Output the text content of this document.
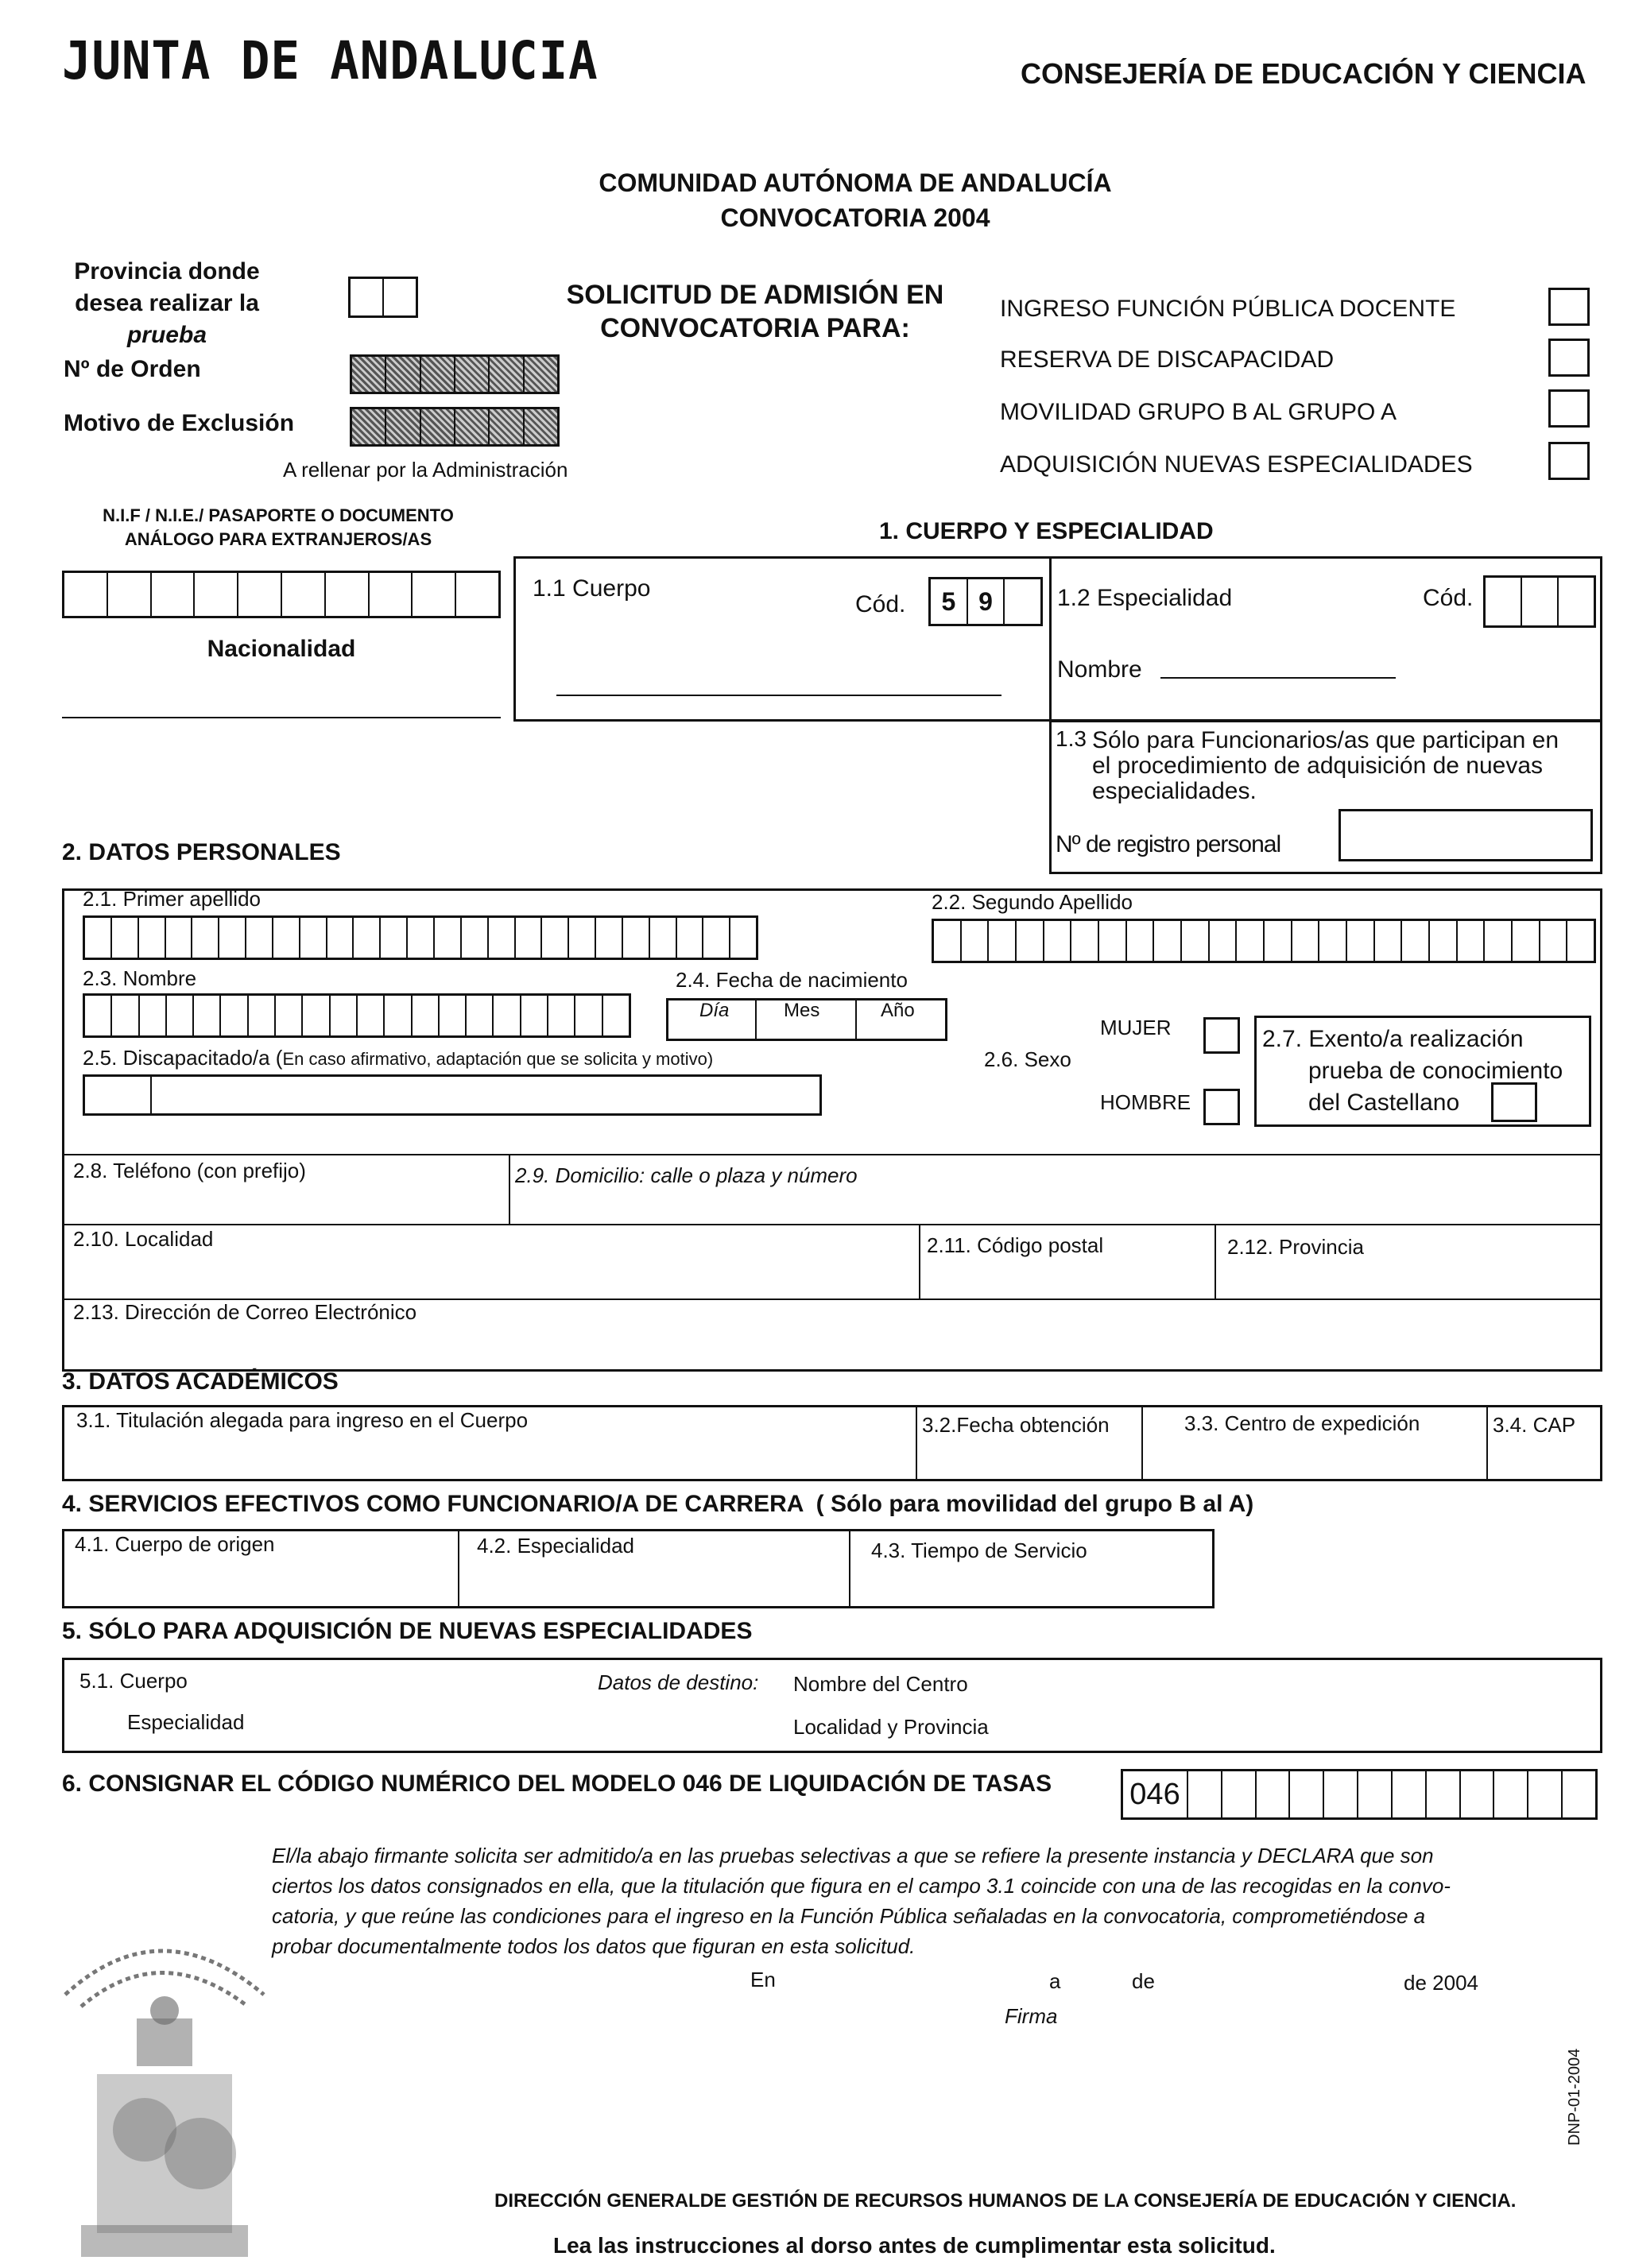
JUNTA DE ANDALUCIA	CONSEJERÍA DE EDUCACIÓN Y CIENCIA
COMUNIDAD AUTÓNOMA DE ANDALUCÍA
CONVOCATORIA 2004
Provincia donde
desea realizar la
prueba
Nº de Orden
Motivo de Exclusión
A rellenar por la Administración
SOLICITUD DE ADMISIÓN EN
CONVOCATORIA PARA:
INGRESO FUNCIÓN PÚBLICA DOCENTE
RESERVA DE DISCAPACIDAD
MOVILIDAD GRUPO B AL GRUPO A
ADQUISICIÓN NUEVAS ESPECIALIDADES
N.I.F / N.I.E./ PASAPORTE O DOCUMENTO
ANÁLOGO PARA EXTRANJEROS/AS
Nacionalidad
1. CUERPO Y ESPECIALIDAD
1.1 Cuerpo
Cód.	5 9	1.2 Especialidad	Cód.
Nombre
1.3 Sólo para Funcionarios/as que participan en
el procedimiento de adquisición de nuevas
especialidades.
Nº de registro personal
2. DATOS PERSONALES
2.1. Primer apellido	2.2. Segundo Apellido
2.3. Nombre	2.4. Fecha de nacimiento
Día	Mes	Año
2.5. Discapacitado/a (En caso afirmativo, adaptación que se solicita y motivo)
MUJER
2.6. Sexo
HOMBRE
2.7. Exento/a realización
prueba de conocimiento
del Castellano
2.8. Teléfono (con prefijo)	2.9. Domicilio: calle o plaza y número
2.10. Localidad	2.11. Código postal	2.12. Provincia
2.13. Dirección de Correo Electrónico
3. DATOS ACADÉMICOS
3.1. Titulación alegada para ingreso en el Cuerpo	3.2.Fecha obtención	3.3. Centro de expedición	3.4. CAP
4. SERVICIOS EFECTIVOS COMO FUNCIONARIO/A DE CARRERA ( Sólo para movilidad del grupo B al A)
4.1. Cuerpo de origen	4.2. Especialidad	4.3. Tiempo de Servicio
5. SÓLO PARA ADQUISICIÓN DE NUEVAS ESPECIALIDADES
5.1. Cuerpo	Datos de destino: Nombre del Centro
Especialidad	Localidad y Provincia
6. CONSIGNAR EL CÓDIGO NUMÉRICO DEL MODELO 046 DE LIQUIDACIÓN DE TASAS	046
El/la abajo firmante solicita ser admitido/a en las pruebas selectivas a que se refiere la presente instancia y DECLARA que son
ciertos los datos consignados en ella, que la titulación que figura en el campo 3.1 coincide con una de las recogidas en la convo-
catoria, y que reúne las condiciones para el ingreso en la Función Pública señaladas en la convocatoria, comprometiéndose a
probar documentalmente todos los datos que figuran en esta solicitud.
En	a	de	de 2004
Firma
DNP-01-2004
DIRECCIÓN GENERALDE GESTIÓN DE RECURSOS HUMANOS DE LA CONSEJERÍA DE EDUCACIÓN Y CIENCIA.
Lea las instrucciones al dorso antes de cumplimentar esta solicitud.
